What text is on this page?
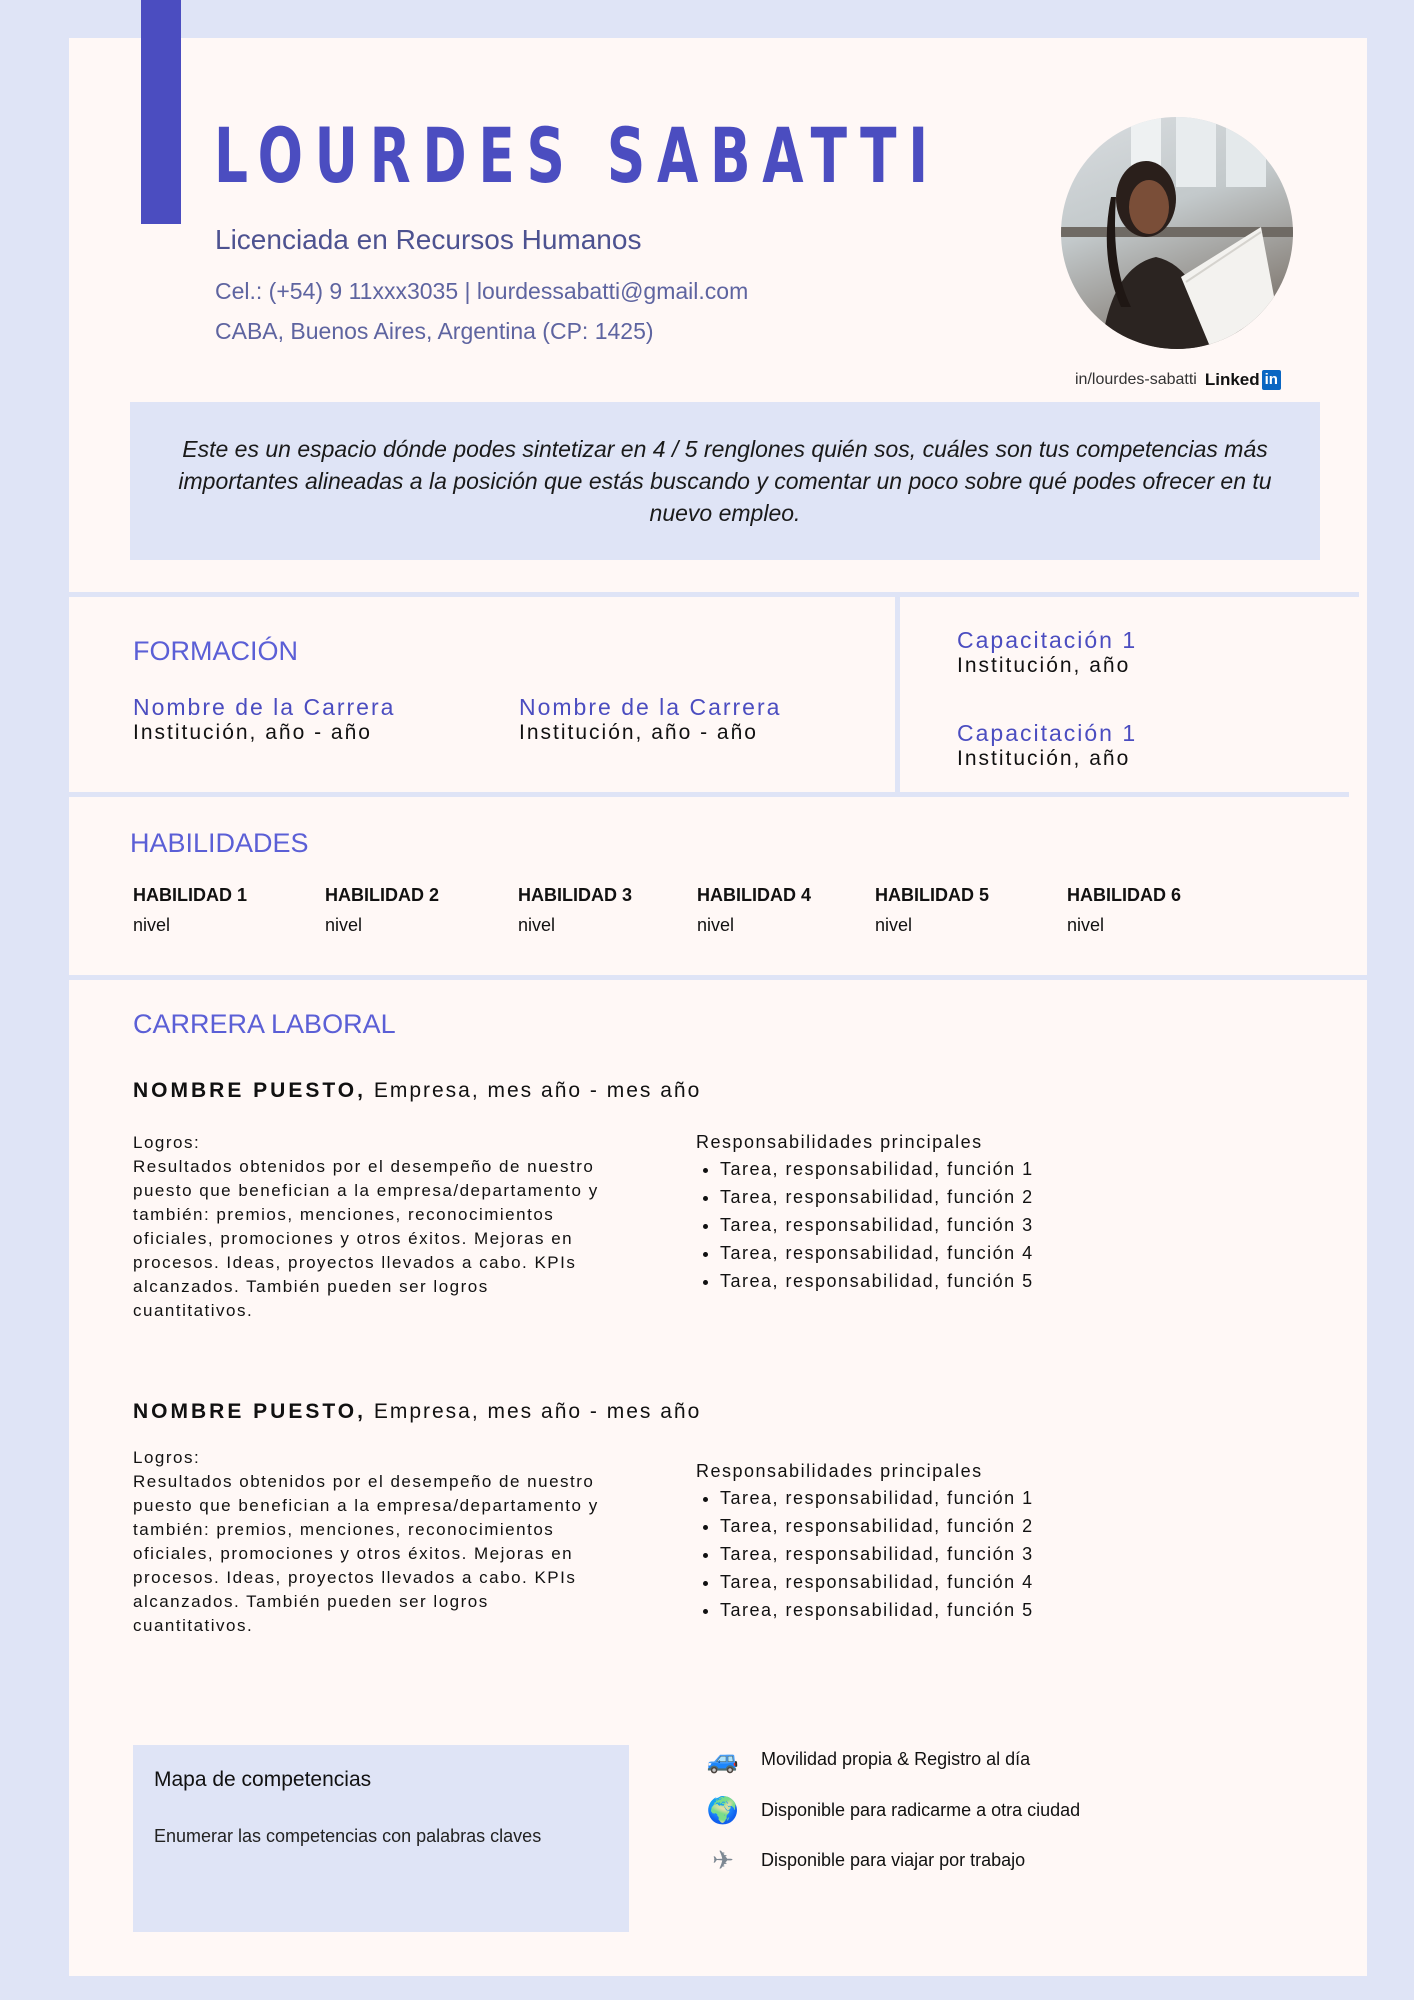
LOURDES SABATTI
Licenciada en Recursos Humanos
Cel.: (+54) 9 11xxx3035 | lourdessabatti@gmail.com
CABA, Buenos Aires, Argentina (CP: 1425)
in/lourdes-sabatti Linked in

Este es un espacio dónde podes sintetizar en 4 / 5 renglones quién sos, cuáles son tus competencias más importantes alineadas a la posición que estás buscando y comentar un poco sobre qué podes ofrecer en tu nuevo empleo.

FORMACIÓN
Nombre de la Carrera
Institución, año - año
Nombre de la Carrera
Institución, año - año
Capacitación 1
Institución, año
Capacitación 1
Institución, año
HABILIDADES
HABILIDAD 1
nivel
HABILIDAD 2
nivel
HABILIDAD 3
nivel
HABILIDAD 4
nivel
HABILIDAD 5
nivel
HABILIDAD 6
nivel
CARRERA LABORAL
NOMBRE PUESTO, Empresa, mes año - mes año
Logros:
Resultados obtenidos por el desempeño de nuestro puesto que benefician a la empresa/departamento y también: premios, menciones, reconocimientos oficiales, promociones y otros éxitos. Mejoras en procesos. Ideas, proyectos llevados a cabo. KPIs alcanzados. También pueden ser logros cuantitativos.
Responsabilidades principales
• Tarea, responsabilidad, función 1
• Tarea, responsabilidad, función 2
• Tarea, responsabilidad, función 3
• Tarea, responsabilidad, función 4
• Tarea, responsabilidad, función 5
NOMBRE PUESTO, Empresa, mes año - mes año
Logros:
Resultados obtenidos por el desempeño de nuestro puesto que benefician a la empresa/departamento y también: premios, menciones, reconocimientos oficiales, promociones y otros éxitos. Mejoras en procesos. Ideas, proyectos llevados a cabo. KPIs alcanzados. También pueden ser logros cuantitativos.
Responsabilidades principales
• Tarea, responsabilidad, función 1
• Tarea, responsabilidad, función 2
• Tarea, responsabilidad, función 3
• Tarea, responsabilidad, función 4
• Tarea, responsabilidad, función 5
Mapa de competencias
Enumerar las competencias con palabras claves
🚙 Movilidad propia & Registro al día
🌍 Disponible para radicarme a otra ciudad
✈	Disponible para viajar por trabajo
